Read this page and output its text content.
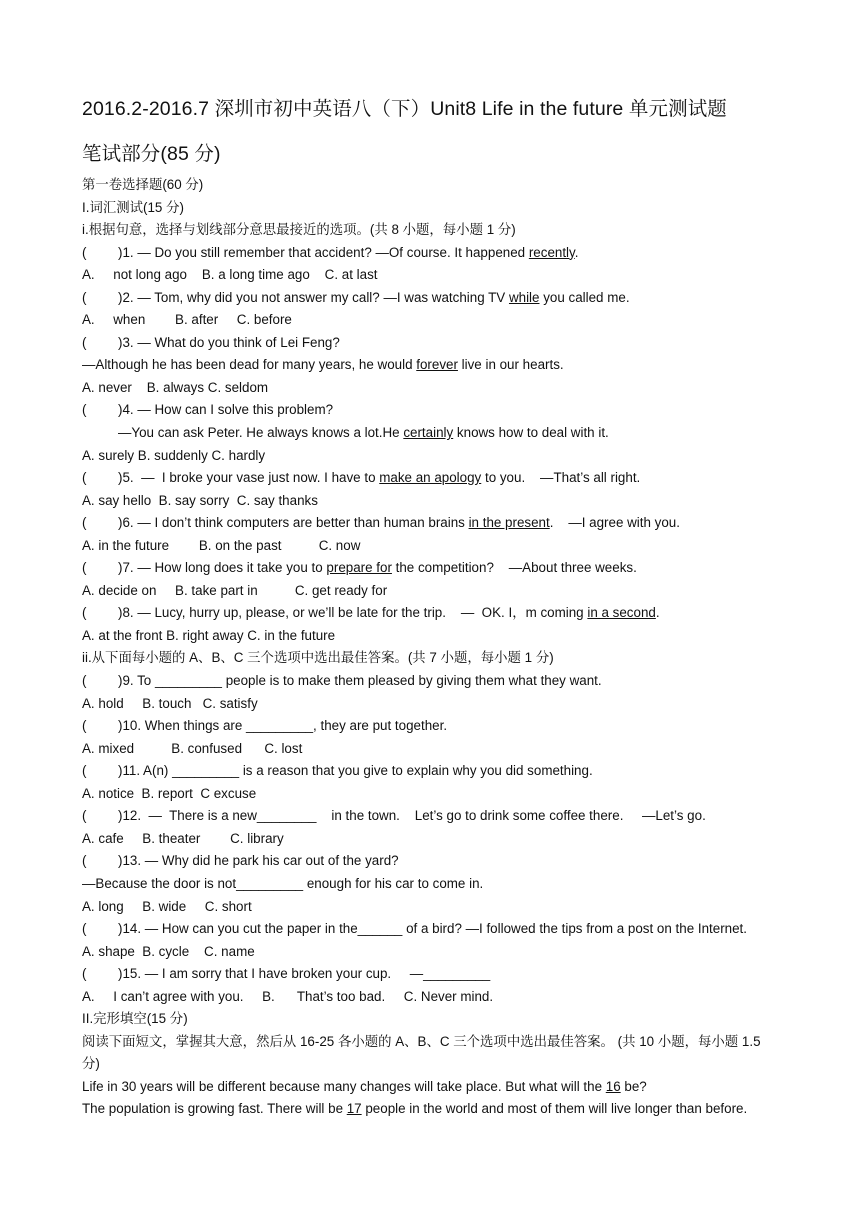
2016.2-2016.7 深圳市初中英语八（下）Unit8 Life in the future 单元测试题
笔试部分(85 分)
第一卷选择题(60 分)
I.词汇测试(15 分)
i.根据句意，选择与划线部分意思最接近的选项。(共 8 小题，每小题 1 分)
( )1. — Do you still remember that accident? —Of course. It happened recently.
A.     not long ago    B. a long time ago    C. at last
( )2. — Tom, why did you not answer my call? —I was watching TV while you called me.
A.     when        B. after     C. before
( )3. — What do you think of Lei Feng?
—Although he has been dead for many years, he would forever live in our hearts.
A. never    B. always C. seldom
( )4. — How can I solve this problem?
—You can ask Peter. He always knows a lot.He certainly knows how to deal with it.
A. surely B. suddenly C. hardly
( )5.  —  I broke your vase just now. I have to make an apology to you.    —That’s all right.
A. say hello  B. say sorry  C. say thanks
( )6. — I don’t think computers are better than human brains in the present.    —I agree with you.
A. in the future        B. on the past          C. now
( )7. — How long does it take you to prepare for the competition?    —About three weeks.
A. decide on     B. take part in          C. get ready for
( )8. — Lucy, hurry up, please, or we’ll be late for the trip.    —  OK. I，m coming in a second.
A. at the front B. right away C. in the future
ii.从下面每小题的 A、B、C 三个选项中选出最佳答案。(共 7 小题，每小题 1 分)
( )9. To _________ people is to make them pleased by giving them what they want.
A. hold     B. touch   C. satisfy
( )10. When things are _________, they are put together.
A. mixed          B. confused      C. lost
( )11. A(n) _________ is a reason that you give to explain why you did something.
A. notice  B. report  C excuse
( )12.  —  There is a new________    in the town.    Let’s go to drink some coffee there.     —Let’s go.
A. cafe     B. theater        C. library
( )13. — Why did he park his car out of the yard?
—Because the door is not_________ enough for his car to come in.
A. long     B. wide     C. short
( )14. — How can you cut the paper in the______ of a bird? —I followed the tips from a post on the Internet.
A. shape  B. cycle    C. name
( )15. — I am sorry that I have broken your cup.     —_________
A.     I can’t agree with you.     B.      That’s too bad.     C. Never mind.
II.完形填空(15 分)
阅读下面短文，掌握其大意，然后从 16-25 各小题的 A、B、C 三个选项中选出最佳答案。 (共 10 小题，每小题 1.5 分)
Life in 30 years will be different because many changes will take place. But what will the 16 be?
The population is growing fast. There will be 17 people in the world and most of them will live longer than before.
